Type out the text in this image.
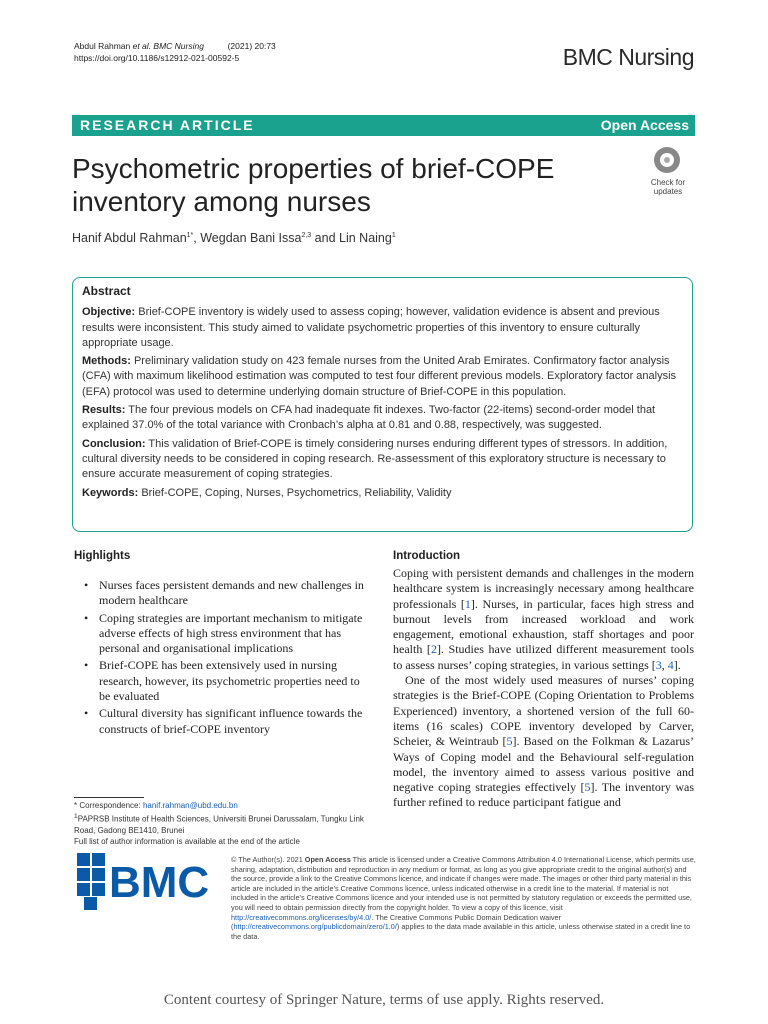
Abdul Rahman et al. BMC Nursing	(2021) 20:73
https://doi.org/10.1186/s12912-021-00592-5	BMC Nursing
RESEARCH ARTICLE	Open Access
Psychometric properties of brief-COPE
inventory among nurses
Check for
updates
Hanif Abdul Rahman$^{1*}$, Wegdan Bani Issa$^{2,3}$ and Lin Naing$^1$
Abstract

Objective: Brief-COPE inventory is widely used to assess coping; however, validation evidence is absent and previous results were inconsistent. This study aimed to validate psychometric properties of this inventory to ensure culturally appropriate usage.

Methods: Preliminary validation study on 423 female nurses from the United Arab Emirates. Confirmatory factor analysis (CFA) with maximum likelihood estimation was computed to test four different previous models. Exploratory factor analysis (EFA) protocol was used to determine underlying domain structure of Brief-COPE in this population.

Results: The four previous models on CFA had inadequate fit indexes. Two-factor (22-items) second-order model that explained 37.0% of the total variance with Cronbach’s alpha at 0.81 and 0.88, respectively, was suggested.

Conclusion: This validation of Brief-COPE is timely considering nurses enduring different types of stressors. In addition, cultural diversity needs to be considered in coping research. Re-assessment of this exploratory structure is necessary to ensure accurate measurement of coping strategies.

Keywords: Brief-COPE, Coping, Nurses, Psychometrics, Reliability, Validity

Highlights
• Nurses faces persistent demands and new challenges in modern healthcare
• Coping strategies are important mechanism to mitigate adverse effects of high stress environment that has personal and organisational implications
• Brief-COPE has been extensively used in nursing research, however, its psychometric properties need to be evaluated
• Cultural diversity has significant influence towards the constructs of brief-COPE inventory
Introduction

Coping with persistent demands and challenges in the modern healthcare system is increasingly necessary among healthcare professionals [1]. Nurses, in particular, faces high stress and burnout levels from increased workload and work engagement, emotional exhaustion, staff shortages and poor health [2]. Studies have utilized different measurement tools to assess nurses’ coping strategies, in various settings [3, 4].

One of the most widely used measures of nurses’ coping strategies is the Brief-COPE (Coping Orientation to Problems Experienced) inventory, a shortened version of the full 60-items (16 scales) COPE inventory developed by Carver, Scheier, & Weintraub [5]. Based on the Folkman & Lazarus’ Ways of Coping model and the Behavioural self-regulation model, the inventory aimed to assess various positive and negative coping strategies effectively [5]. The inventory was further refined to reduce participant fatigue and

* Correspondence: hanif.rahman@ubd.edu.bn
$^1$PAPRSB Institute of Health Sciences, Universiti Brunei Darussalam, Tungku Link Road, Gadong BE1410, Brunei
Full list of author information is available at the end of the article
BMC	© The Author(s). 2021 Open Access This article is licensed under a Creative Commons Attribution 4.0 International License, which permits use, sharing, adaptation, distribution and reproduction in any medium or format, as long as you give appropriate credit to the original author(s) and the source, provide a link to the Creative Commons licence, and indicate if changes were made. The images or other third party material in this article are included in the article's Creative Commons licence, unless indicated otherwise in a credit line to the material. If material is not included in the article's Creative Commons licence and your intended use is not permitted by statutory regulation or exceeds the permitted use, you will need to obtain permission directly from the copyright holder. To view a copy of this licence, visit http://creativecommons.org/licenses/by/4.0/. The Creative Commons Public Domain Dedication waiver (http://creativecommons.org/publicdomain/zero/1.0/) applies to the data made available in this article, unless otherwise stated in a credit line to the data.
Content courtesy of Springer Nature, terms of use apply. Rights reserved.
